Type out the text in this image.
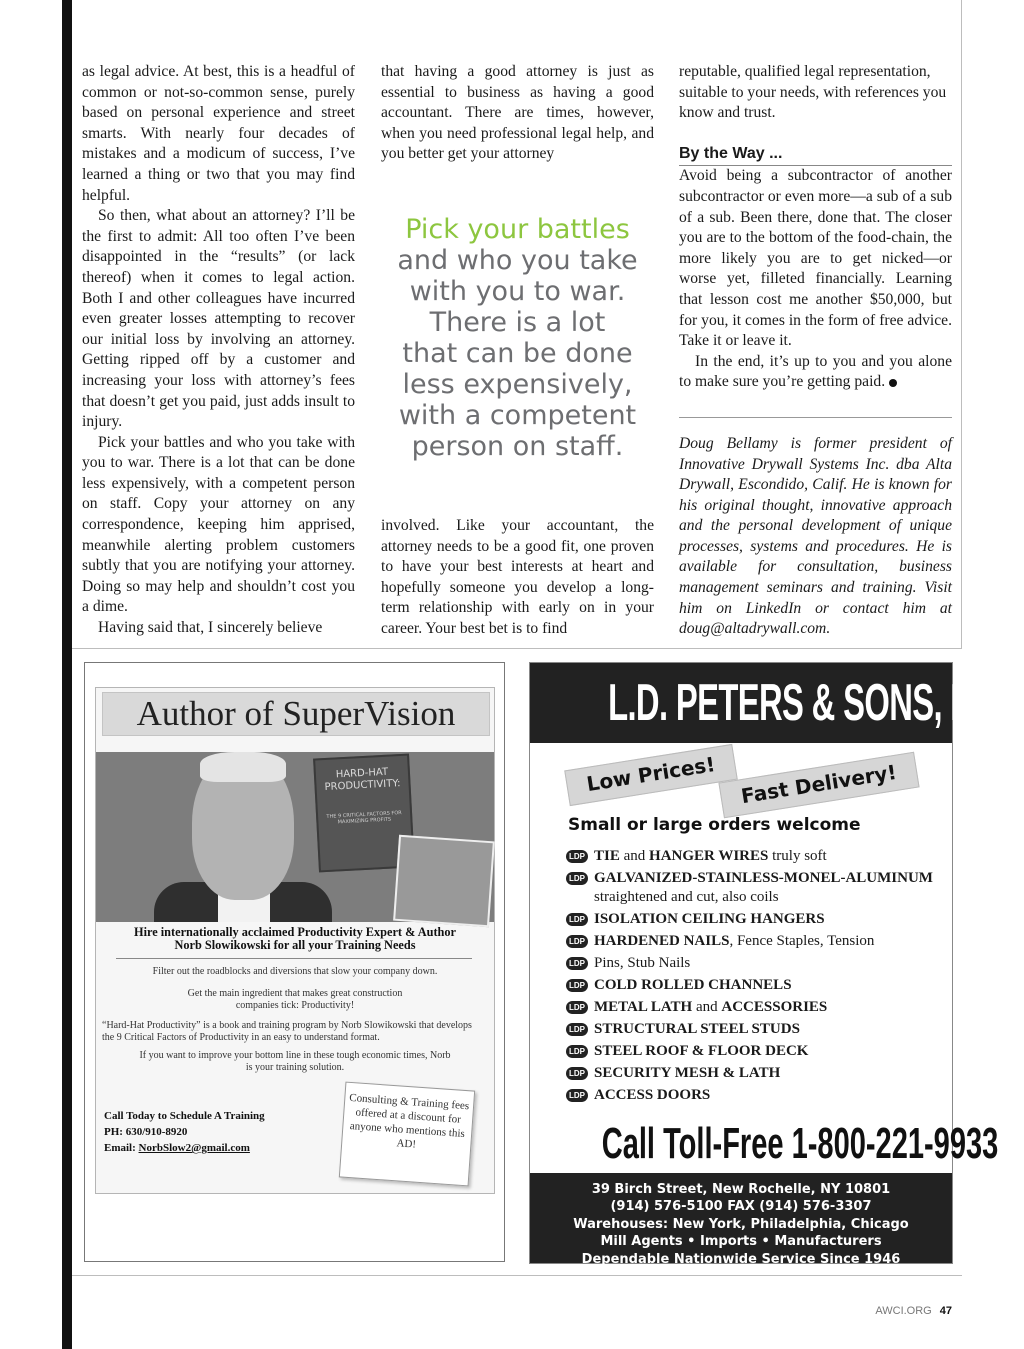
as legal advice. At best, this is a headful of common or not-so-common sense, purely based on personal experience and street smarts. With nearly four decades of mistakes and a modicum of success, I’ve learned a thing or two that you may find helpful.

So then, what about an attorney? I’ll be the first to admit: All too often I’ve been disappointed in the “results” (or lack thereof) when it comes to legal action. Both I and other colleagues have incurred even greater losses attempting to recover our initial loss by involving an attorney. Getting ripped off by a customer and increasing your loss with attorney’s fees that doesn’t get you paid, just adds insult to injury.

Pick your battles and who you take with you to war. There is a lot that can be done less expensively, with a competent person on staff. Copy your attorney on any correspondence, keeping him apprised, meanwhile alerting problem customers subtly that you are notifying your attorney. Doing so may help and shouldn’t cost you a dime.

Having said that, I sincerely believe

that having a good attorney is just as essential to business as having a good accountant. There are times, however, when you need professional legal help, and you better get your attorney

Pick your battles
and who you take
with you to war.
There is a lot
that can be done
less expensively,
with a competent
person on staff.

involved. Like your accountant, the attorney needs to be a good fit, one proven to have your best interests at heart and hopefully someone you develop a long-term relationship with early on in your career. Your best bet is to find

reputable, qualified legal representation, suitable to your needs, with references you know and trust.

By the Way ...

Avoid being a subcontractor of another subcontractor or even more—a sub of a sub of a sub. Been there, done that. The closer you are to the bottom of the food-chain, the more likely you are to get nicked—or worse yet, filleted financially. Learning that lesson cost me another $50,000, but for you, it comes in the form of free advice. Take it or leave it.

In the end, it’s up to you and you alone to make sure you’re getting paid.

Doug Bellamy is former president of Innovative Drywall Systems Inc. dba Alta Drywall, Escondido, Calif. He is known for his original thought, innovative approach and the personal development of unique processes, systems and procedures. He is available for consultation, business management seminars and training. Visit him on LinkedIn or contact him at doug@altadrywall.com.

Author of SuperVision
HARD-HAT PRODUCTIVITY:
THE 9 CRITICAL FACTORS FOR MAXIMIZING PROFITS
Hire internationally acclaimed Productivity Expert & Author
Norb Slowikowski for all your Training Needs
Filter out the roadblocks and diversions that slow your company down.
Get the main ingredient that makes great construction companies tick: Productivity!
“Hard-Hat Productivity” is a book and training program by Norb Slowikowski that develops the 9 Critical Factors of Productivity in an easy to understand format.
If you want to improve your bottom line in these tough economic times, Norb is your training solution.
Call Today to Schedule A Training
PH: 630/910-8920
Email: NorbSlow2@gmail.com
Consulting & Training fees offered at a discount for anyone who mentions this AD!
L.D. PETERS & SONS, INC.
Low Prices!	Fast Delivery!
Small or large orders welcome
LDP TIE and HANGER WIRES truly soft
LDP GALVANIZED-STAINLESS-MONEL-ALUMINUM straightened and cut, also coils
LDP ISOLATION CEILING HANGERS
LDP HARDENED NAILS, Fence Staples, Tension
LDP Pins, Stub Nails
LDP COLD ROLLED CHANNELS
LDP METAL LATH and ACCESSORIES
LDP STRUCTURAL STEEL STUDS
LDP STEEL ROOF & FLOOR DECK
LDP SECURITY MESH & LATH
LDP ACCESS DOORS
Call Toll-Free 1-800-221-9933
39 Birch Street, New Rochelle, NY 10801
(914) 576-5100 FAX (914) 576-3307
Warehouses: New York, Philadelphia, Chicago
Mill Agents • Imports • Manufacturers
Dependable Nationwide Service Since 1946
AWCI.ORG 47
